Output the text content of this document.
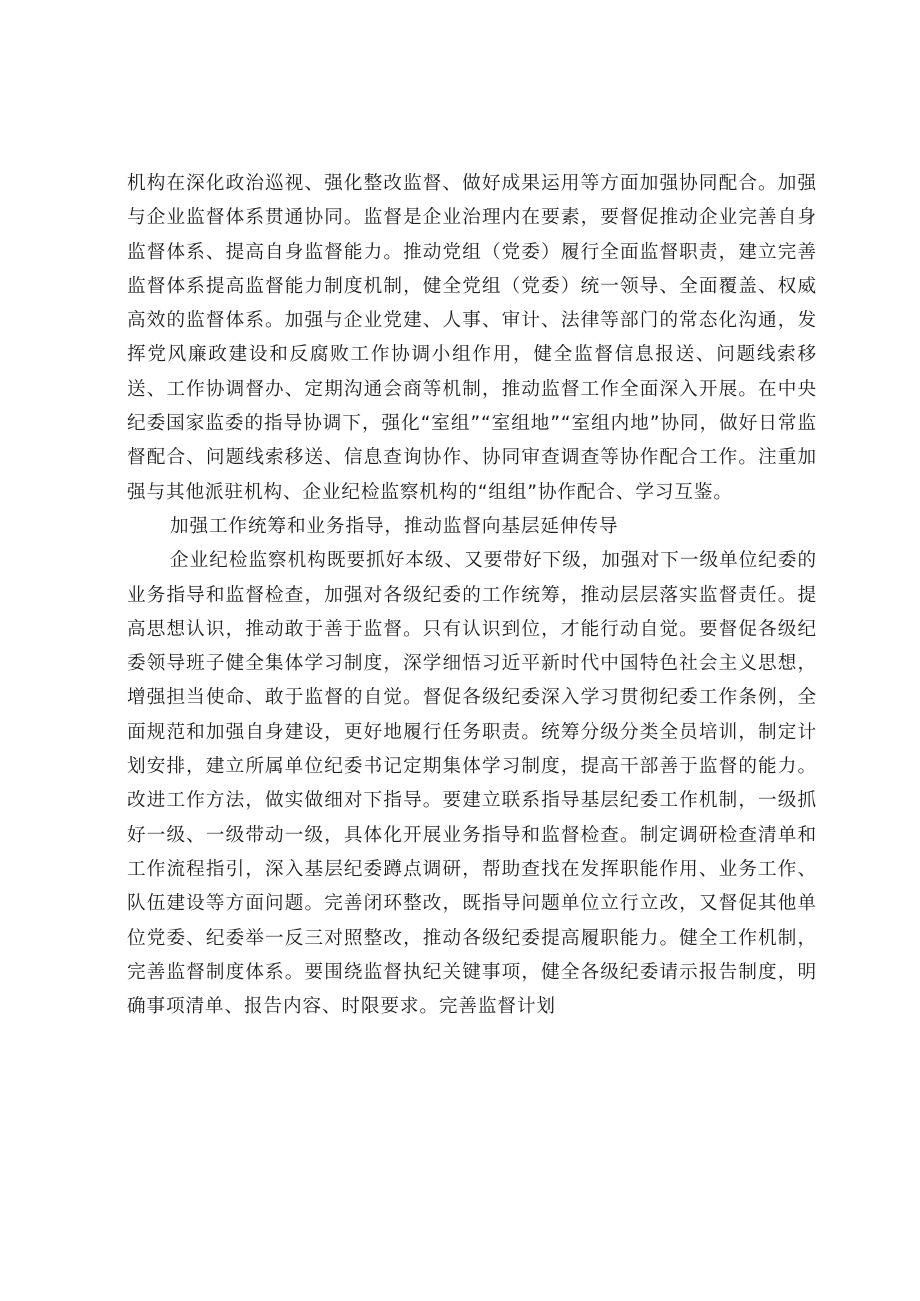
机构在深化政治巡视、强化整改监督、做好成果运用等方面加强协同配合。加强与企业监督体系贯通协同。监督是企业治理内在要素，要督促推动企业完善自身监督体系、提高自身监督能力。推动党组（党委）履行全面监督职责，建立完善监督体系提高监督能力制度机制，健全党组（党委）统一领导、全面覆盖、权威高效的监督体系。加强与企业党建、人事、审计、法律等部门的常态化沟通，发挥党风廉政建设和反腐败工作协调小组作用，健全监督信息报送、问题线索移送、工作协调督办、定期沟通会商等机制，推动监督工作全面深入开展。在中央纪委国家监委的指导协调下，强化“室组”“室组地”“室组内地”协同，做好日常监督配合、问题线索移送、信息查询协作、协同审查调查等协作配合工作。注重加强与其他派驻机构、企业纪检监察机构的“组组”协作配合、学习互鉴。

加强工作统筹和业务指导，推动监督向基层延伸传导

企业纪检监察机构既要抓好本级、又要带好下级，加强对下一级单位纪委的业务指导和监督检查，加强对各级纪委的工作统筹，推动层层落实监督责任。提高思想认识，推动敢于善于监督。只有认识到位，才能行动自觉。要督促各级纪委领导班子健全集体学习制度，深学细悟习近平新时代中国特色社会主义思想，增强担当使命、敢于监督的自觉。督促各级纪委深入学习贯彻纪委工作条例，全面规范和加强自身建设，更好地履行任务职责。统筹分级分类全员培训，制定计划安排，建立所属单位纪委书记定期集体学习制度，提高干部善于监督的能力。改进工作方法，做实做细对下指导。要建立联系指导基层纪委工作机制，一级抓好一级、一级带动一级，具体化开展业务指导和监督检查。制定调研检查清单和工作流程指引，深入基层纪委蹲点调研，帮助查找在发挥职能作用、业务工作、队伍建设等方面问题。完善闭环整改，既指导问题单位立行立改，又督促其他单位党委、纪委举一反三对照整改，推动各级纪委提高履职能力。健全工作机制，完善监督制度体系。要围绕监督执纪关键事项，健全各级纪委请示报告制度，明确事项清单、报告内容、时限要求。完善监督计划
